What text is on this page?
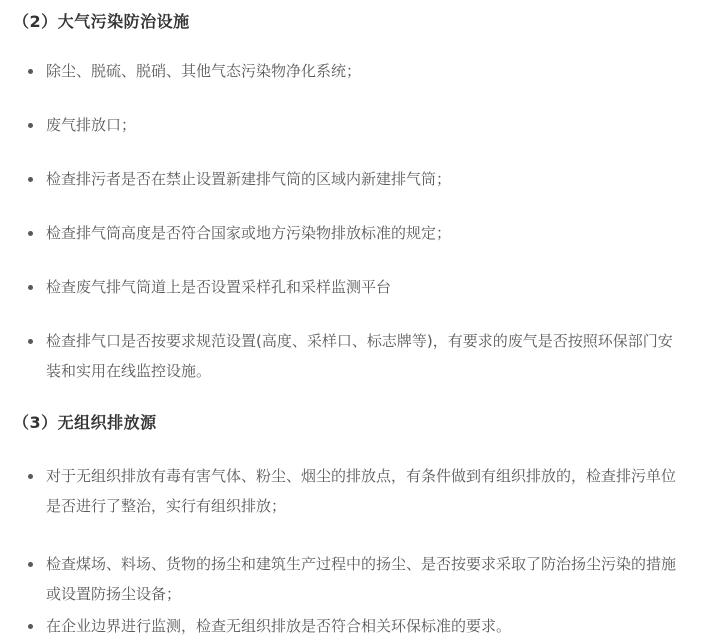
（2）大气污染防治设施
除尘、脱硫、脱硝、其他气态污染物净化系统；
废气排放口；
检查排污者是否在禁止设置新建排气筒的区域内新建排气筒；
检查排气筒高度是否符合国家或地方污染物排放标准的规定；
检查废气排气筒道上是否设置采样孔和采样监测平台
检查排气口是否按要求规范设置(高度、采样口、标志牌等)，有要求的废气是否按照环保部门安装和实用在线监控设施。
（3）无组织排放源
对于无组织排放有毒有害气体、粉尘、烟尘的排放点，有条件做到有组织排放的，检查排污单位是否进行了整治，实行有组织排放；
检查煤场、料场、货物的扬尘和建筑生产过程中的扬尘、是否按要求采取了防治扬尘污染的措施或设置防扬尘设备；
在企业边界进行监测，检查无组织排放是否符合相关环保标准的要求。
